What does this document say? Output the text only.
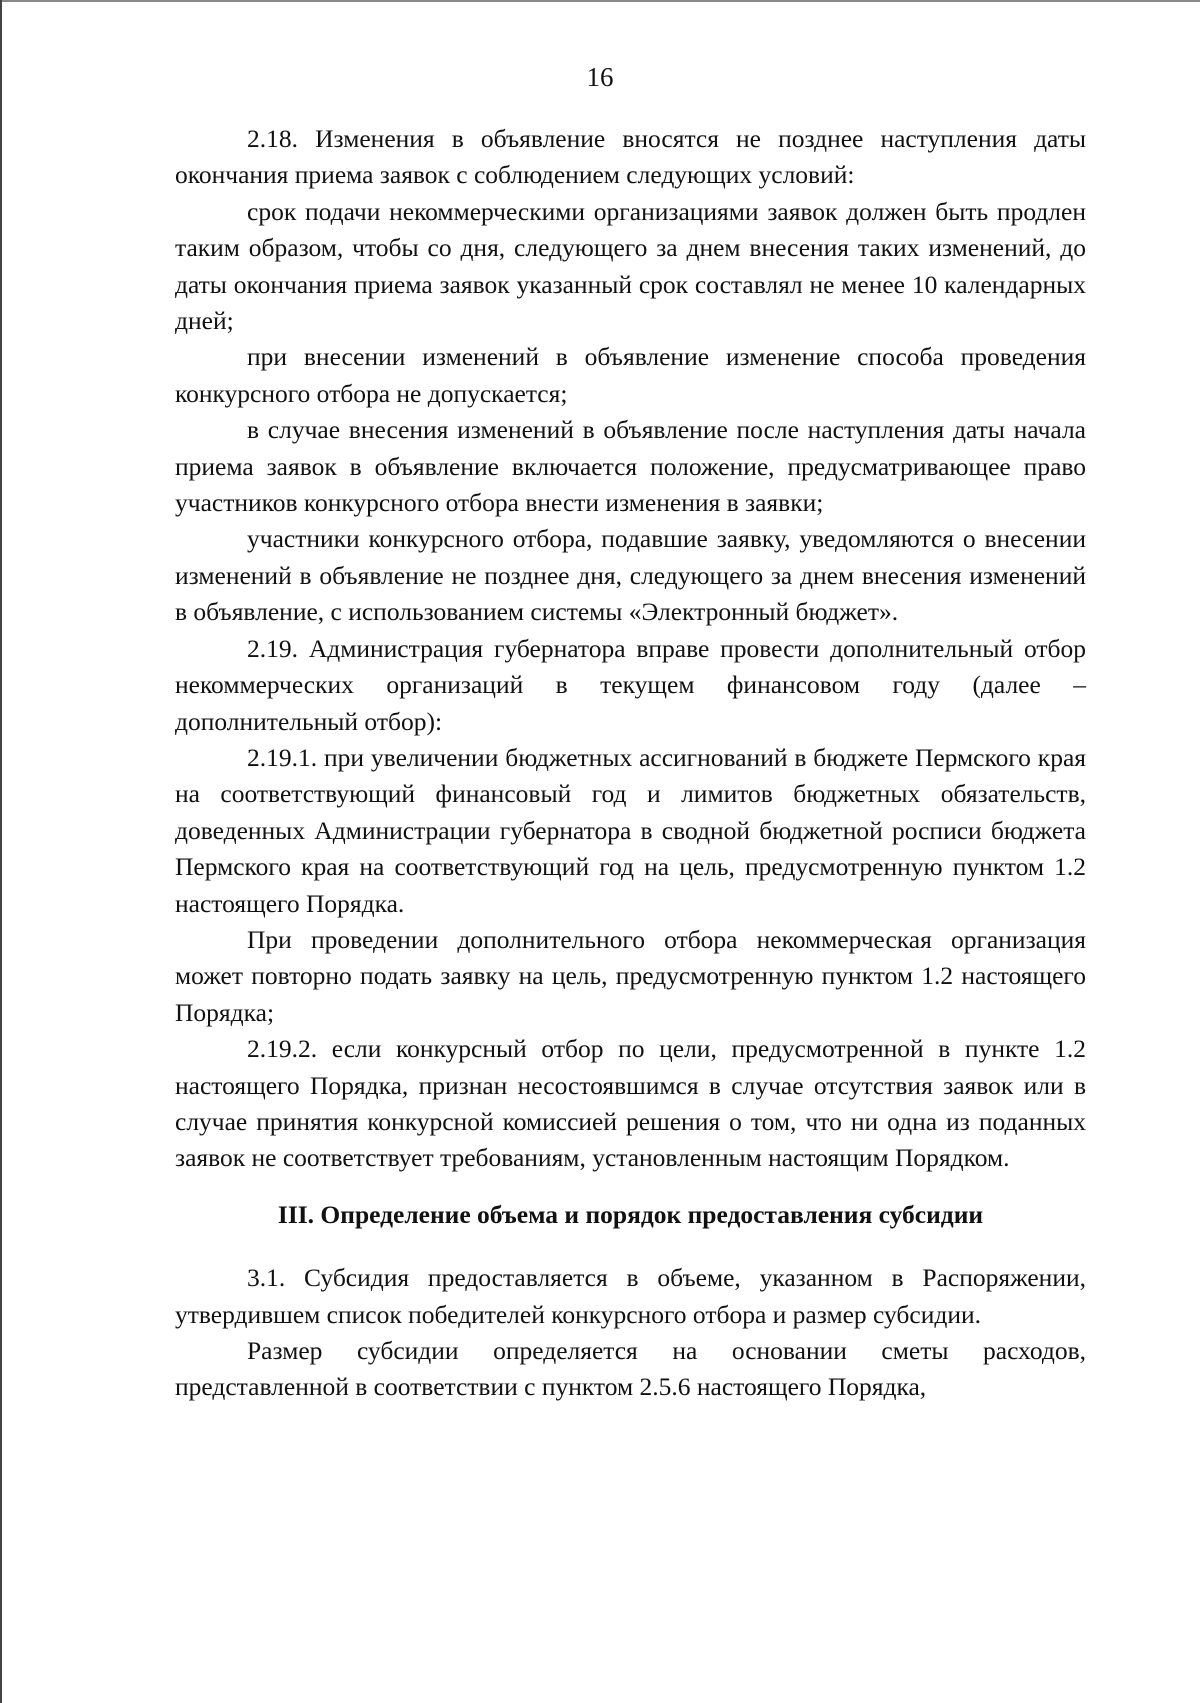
16

2.18. Изменения в объявление вносятся не позднее наступления даты окончания приема заявок с соблюдением следующих условий:

срок подачи некоммерческими организациями заявок должен быть продлен таким образом, чтобы со дня, следующего за днем внесения таких изменений, до даты окончания приема заявок указанный срок составлял не менее 10 календарных дней;

при внесении изменений в объявление изменение способа проведения конкурсного отбора не допускается;

в случае внесения изменений в объявление после наступления даты начала приема заявок в объявление включается положение, предусматривающее право участников конкурсного отбора внести изменения в заявки;

участники конкурсного отбора, подавшие заявку, уведомляются о внесении изменений в объявление не позднее дня, следующего за днем внесения изменений в объявление, с использованием системы «Электронный бюджет».

2.19. Администрация губернатора вправе провести дополнительный отбор некоммерческих организаций в текущем финансовом году (далее – дополнительный отбор):

2.19.1. при увеличении бюджетных ассигнований в бюджете Пермского края на соответствующий финансовый год и лимитов бюджетных обязательств, доведенных Администрации губернатора в сводной бюджетной росписи бюджета Пермского края на соответствующий год на цель, предусмотренную пунктом 1.2 настоящего Порядка.

При проведении дополнительного отбора некоммерческая организация может повторно подать заявку на цель, предусмотренную пунктом 1.2 настоящего Порядка;

2.19.2. если конкурсный отбор по цели, предусмотренной в пункте 1.2 настоящего Порядка, признан несостоявшимся в случае отсутствия заявок или в случае принятия конкурсной комиссией решения о том, что ни одна из поданных заявок не соответствует требованиям, установленным настоящим Порядком.

III. Определение объема и порядок предоставления субсидии

3.1. Субсидия предоставляется в объеме, указанном в Распоряжении, утвердившем список победителей конкурсного отбора и размер субсидии.

Размер субсидии определяется на основании сметы расходов, представленной в соответствии с пунктом 2.5.6 настоящего Порядка,
